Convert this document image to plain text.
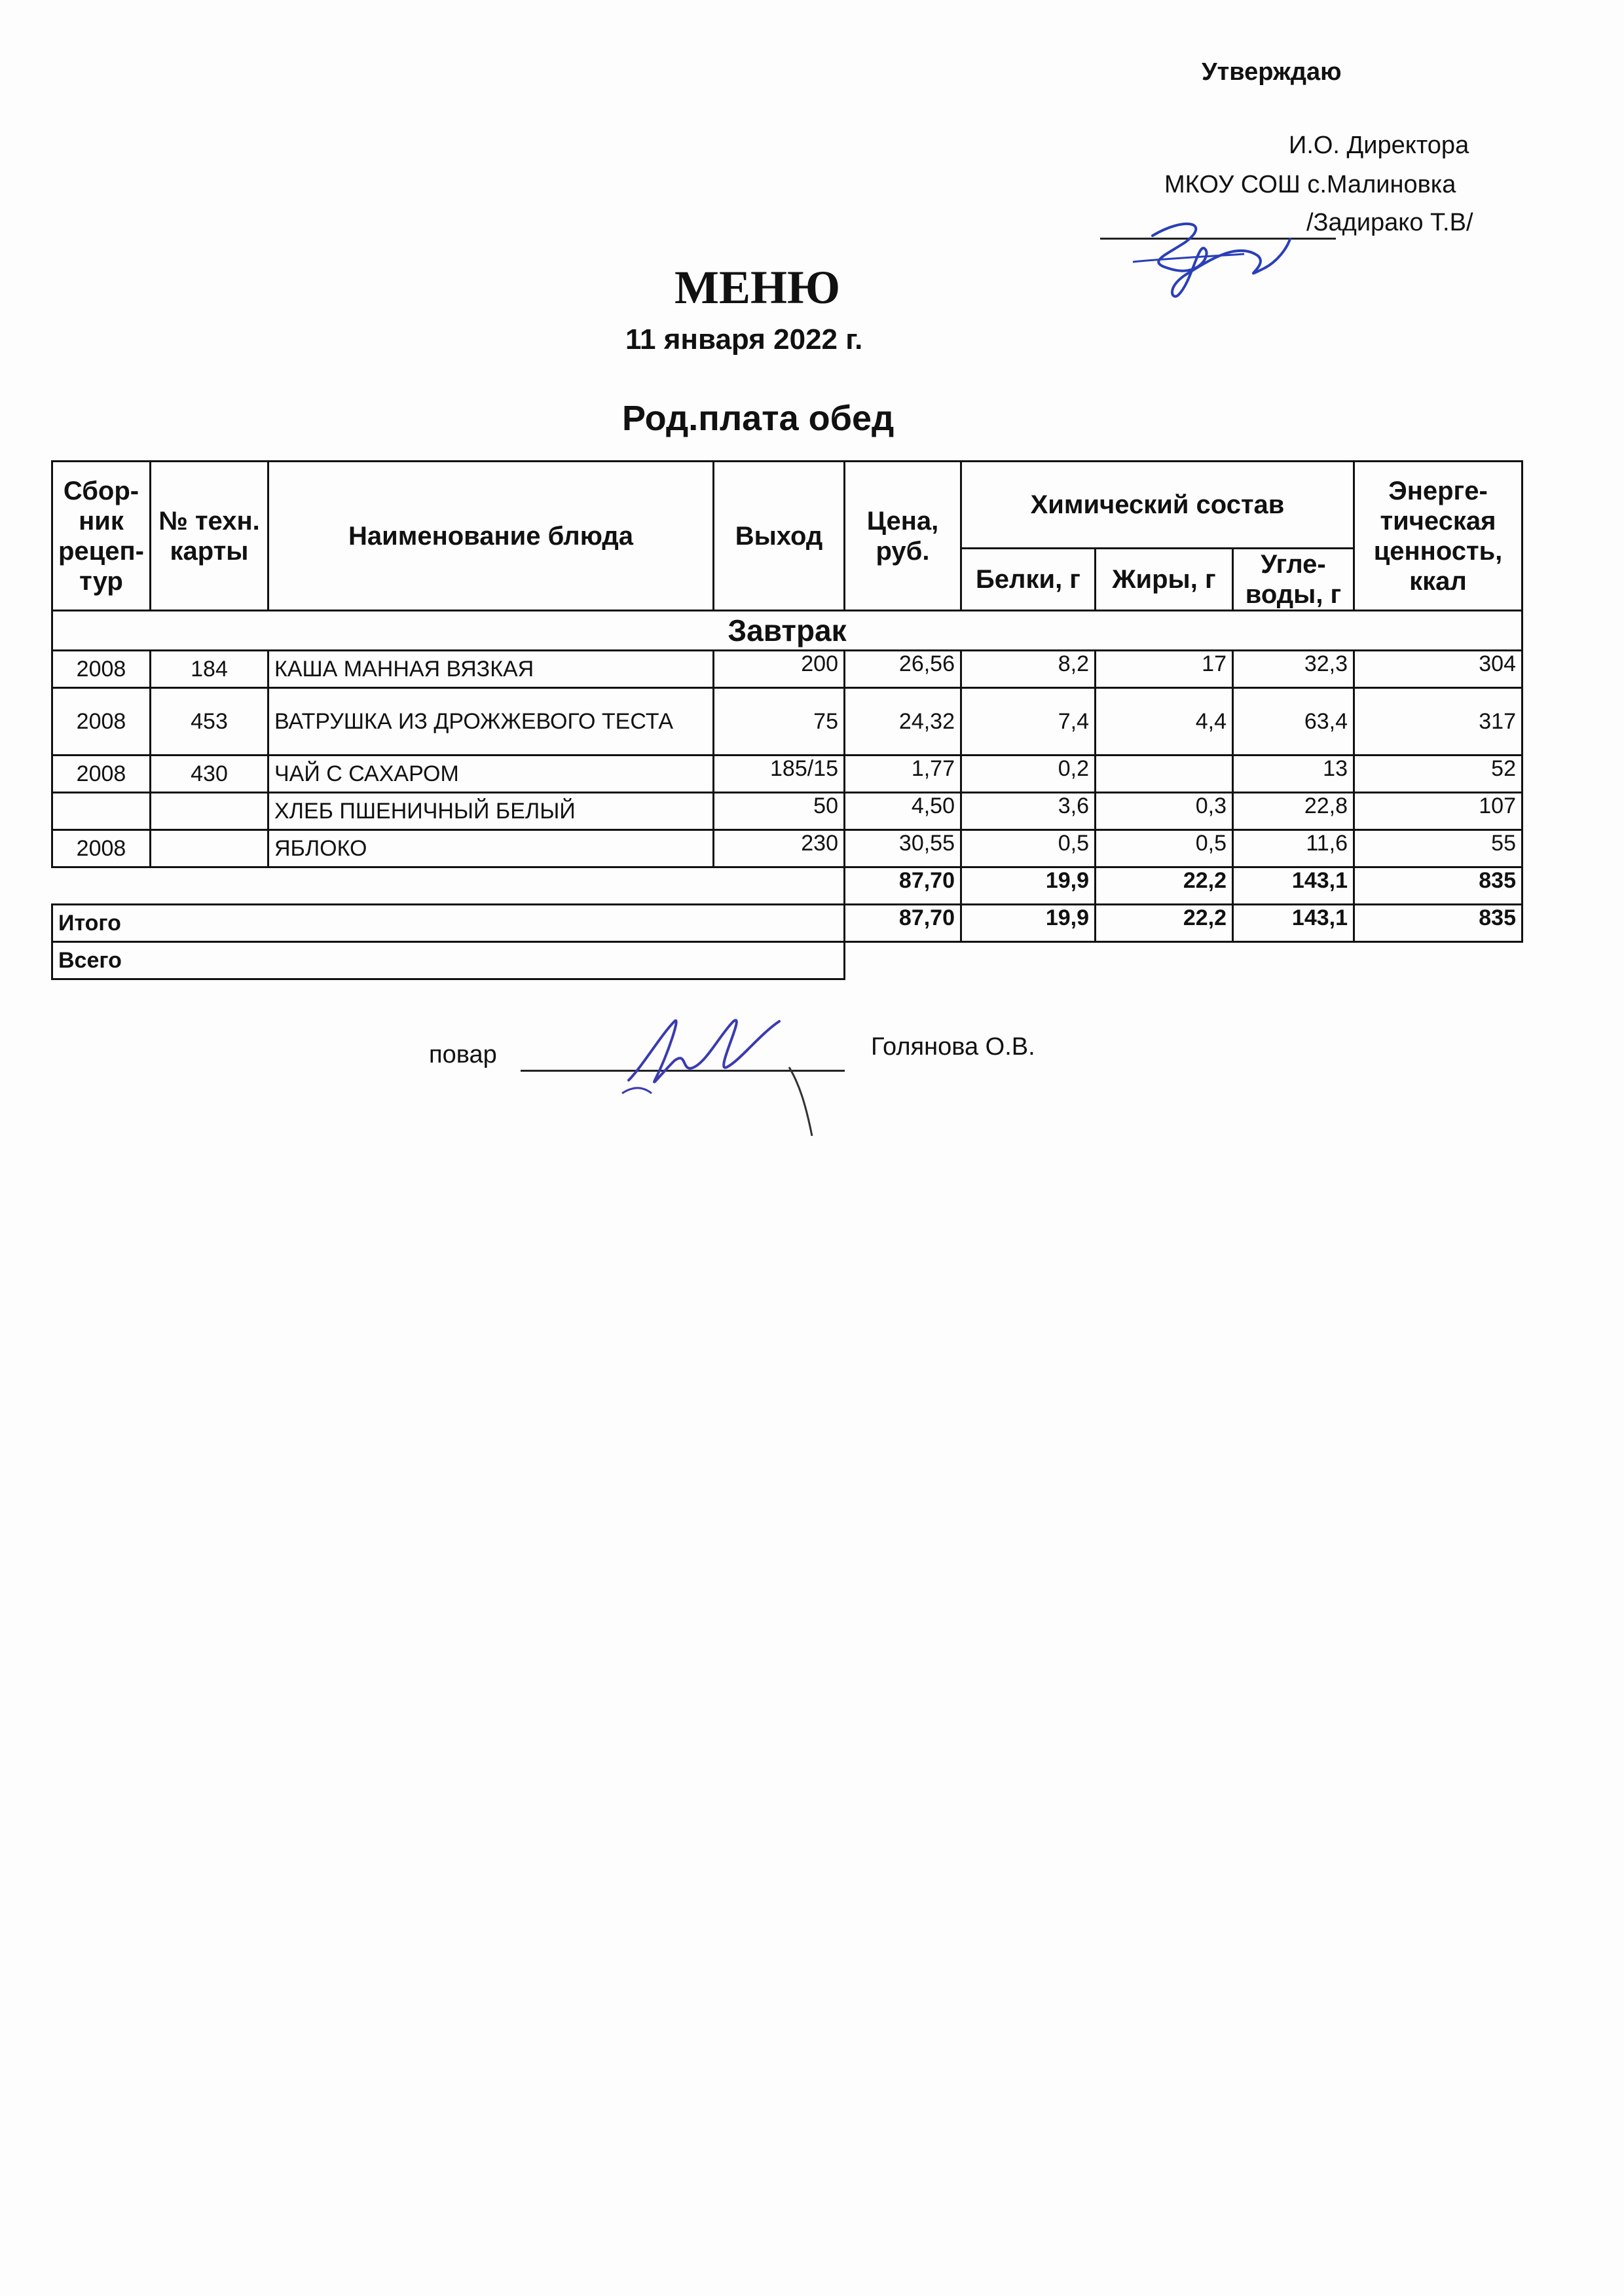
Утверждаю
И.О. Директора
МКОУ СОШ с.Малиновка
/Задирако Т.В/
МЕНЮ
11 января 2022 г.
Род.плата обед
Сбор-ник рецеп-тур	№ техн. карты	Наименование блюда	Выход	Цена, руб.	Химический состав			Энерге-тическая ценность, ккал
					Белки, г	Жиры, г	Угле-воды, г	
Завтрак								
2008	184	КАША МАННАЯ ВЯЗКАЯ	200	26,56	8,2	17	32,3	304
2008	453	ВАТРУШКА ИЗ ДРОЖЖЕВОГО ТЕСТА	75	24,32	7,4	4,4	63,4	317
2008	430	ЧАЙ С САХАРОМ	185/15	1,77	0,2		13	52
		ХЛЕБ ПШЕНИЧНЫЙ БЕЛЫЙ	50	4,50	3,6	0,3	22,8	107
2008		ЯБЛОКО	230	30,55	0,5	0,5	11,6	55
				87,70	19,9	22,2	143,1	835
Итого				87,70	19,9	22,2	143,1	835
Всего								
повар	Голянова О.В.
